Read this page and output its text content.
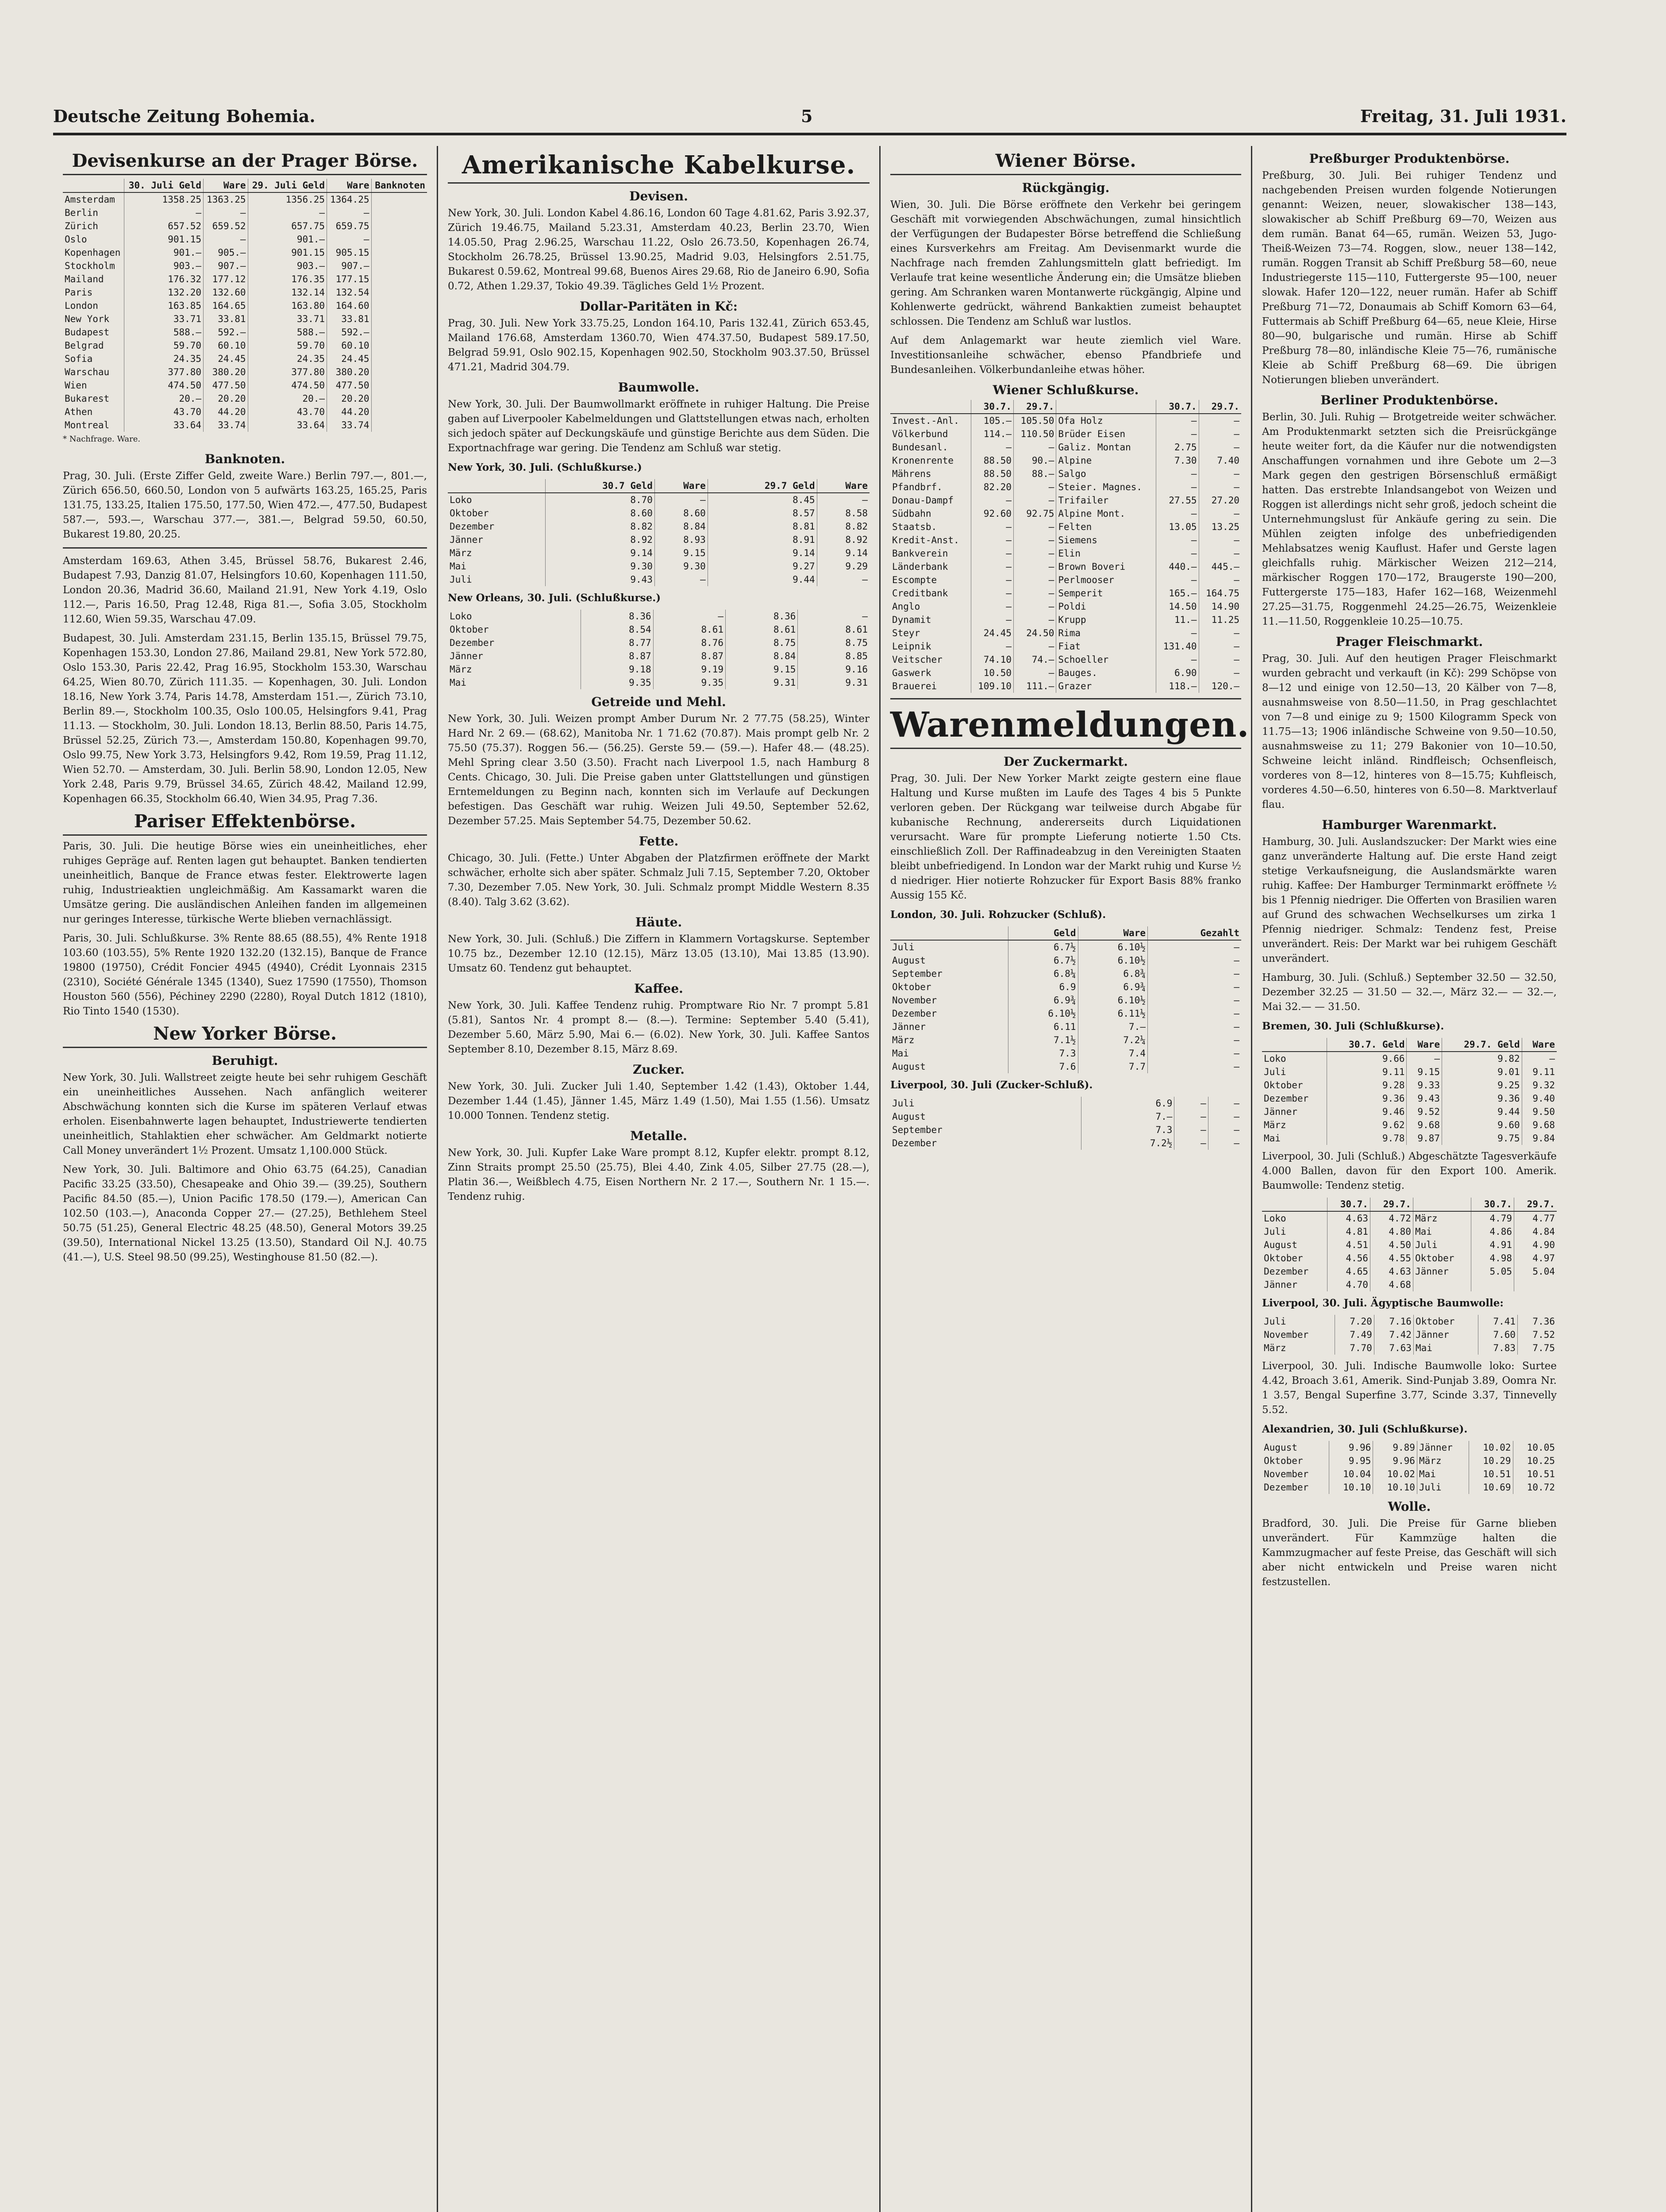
Deutsche Zeitung Bohemia.	5	Freitag, 31. Juli 1931.
Devisenkurse an der Prager Börse.
	30. Juli Geld	Ware	29. Juli Geld	Ware	Banknoten
Amsterdam	1358.25	1363.25	1356.25	1364.25	
Berlin	—	—	—	—	
Zürich	657.52	659.52	657.75	659.75	
Oslo	901.15	—	901.—	—	
Kopenhagen	901.—	905.—	901.15	905.15	
Stockholm	903.—	907.—	903.—	907.—	
Mailand	176.32	177.12	176.35	177.15	
Paris	132.20	132.60	132.14	132.54	
London	163.85	164.65	163.80	164.60	
New York	33.71	33.81	33.71	33.81	
Budapest	588.—	592.—	588.—	592.—	
Belgrad	59.70	60.10	59.70	60.10	
Sofia	24.35	24.45	24.35	24.45	
Warschau	377.80	380.20	377.80	380.20	
Wien	474.50	477.50	474.50	477.50	
Bukarest	20.—	20.20	20.—	20.20	
Athen	43.70	44.20	43.70	44.20	
Montreal	33.64	33.74	33.64	33.74	

* Nachfrage. Ware.

Banknoten.

Prag, 30. Juli. (Erste Ziffer Geld, zweite Ware.) Berlin 797.—, 801.—, Zürich 656.50, 660.50, London von 5 aufwärts 163.25, 165.25, Paris 131.75, 133.25, Italien 175.50, 177.50, Wien 472.—, 477.50, Budapest 587.—, 593.—, Warschau 377.—, 381.—, Belgrad 59.50, 60.50, Bukarest 19.80, 20.25.

Amsterdam 169.63, Athen 3.45, Brüssel 58.76, Bukarest 2.46, Budapest 7.93, Danzig 81.07, Helsingfors 10.60, Kopenhagen 111.50, London 20.36, Madrid 36.60, Mailand 21.91, New York 4.19, Oslo 112.—, Paris 16.50, Prag 12.48, Riga 81.—, Sofia 3.05, Stockholm 112.60, Wien 59.35, Warschau 47.09.

Budapest, 30. Juli. Amsterdam 231.15, Berlin 135.15, Brüssel 79.75, Kopenhagen 153.30, London 27.86, Mailand 29.81, New York 572.80, Oslo 153.30, Paris 22.42, Prag 16.95, Stockholm 153.30, Warschau 64.25, Wien 80.70, Zürich 111.35. — Kopenhagen, 30. Juli. London 18.16, New York 3.74, Paris 14.78, Amsterdam 151.—, Zürich 73.10, Berlin 89.—, Stockholm 100.35, Oslo 100.05, Helsingfors 9.41, Prag 11.13. — Stockholm, 30. Juli. London 18.13, Berlin 88.50, Paris 14.75, Brüssel 52.25, Zürich 73.—, Amsterdam 150.80, Kopenhagen 99.70, Oslo 99.75, New York 3.73, Helsingfors 9.42, Rom 19.59, Prag 11.12, Wien 52.70. — Amsterdam, 30. Juli. Berlin 58.90, London 12.05, New York 2.48, Paris 9.79, Brüssel 34.65, Zürich 48.42, Mailand 12.99, Kopenhagen 66.35, Stockholm 66.40, Wien 34.95, Prag 7.36.

Pariser Effektenbörse.

Paris, 30. Juli. Die heutige Börse wies ein uneinheitliches, eher ruhiges Gepräge auf. Renten lagen gut behauptet. Banken tendierten uneinheitlich, Banque de France etwas fester. Elektrowerte lagen ruhig, Industrieaktien ungleichmäßig. Am Kassamarkt waren die Umsätze gering. Die ausländischen Anleihen fanden im allgemeinen nur geringes Interesse, türkische Werte blieben vernachlässigt.

Paris, 30. Juli. Schlußkurse. 3% Rente 88.65 (88.55), 4% Rente 1918 103.60 (103.55), 5% Rente 1920 132.20 (132.15), Banque de France 19800 (19750), Crédit Foncier 4945 (4940), Crédit Lyonnais 2315 (2310), Société Générale 1345 (1340), Suez 17590 (17550), Thomson Houston 560 (556), Péchiney 2290 (2280), Royal Dutch 1812 (1810), Rio Tinto 1540 (1530).

New Yorker Börse.
Beruhigt.

New York, 30. Juli. Wallstreet zeigte heute bei sehr ruhigem Geschäft ein uneinheitliches Aussehen. Nach anfänglich weiterer Abschwächung konnten sich die Kurse im späteren Verlauf etwas erholen. Eisenbahnwerte lagen behauptet, Industriewerte tendierten uneinheitlich, Stahlaktien eher schwächer. Am Geldmarkt notierte Call Money unverändert 1½ Prozent. Umsatz 1,100.000 Stück.

New York, 30. Juli. Baltimore and Ohio 63.75 (64.25), Canadian Pacific 33.25 (33.50), Chesapeake and Ohio 39.— (39.25), Southern Pacific 84.50 (85.—), Union Pacific 178.50 (179.—), American Can 102.50 (103.—), Anaconda Copper 27.— (27.25), Bethlehem Steel 50.75 (51.25), General Electric 48.25 (48.50), General Motors 39.25 (39.50), International Nickel 13.25 (13.50), Standard Oil N.J. 40.75 (41.—), U.S. Steel 98.50 (99.25), Westinghouse 81.50 (82.—).

Amerikanische Kabelkurse.
Devisen.

New York, 30. Juli. London Kabel 4.86.16, London 60 Tage 4.81.62, Paris 3.92.37, Zürich 19.46.75, Mailand 5.23.31, Amsterdam 40.23, Berlin 23.70, Wien 14.05.50, Prag 2.96.25, Warschau 11.22, Oslo 26.73.50, Kopenhagen 26.74, Stockholm 26.78.25, Brüssel 13.90.25, Madrid 9.03, Helsingfors 2.51.75, Bukarest 0.59.62, Montreal 99.68, Buenos Aires 29.68, Rio de Janeiro 6.90, Sofia 0.72, Athen 1.29.37, Tokio 49.39. Tägliches Geld 1½ Prozent.

Dollar-Paritäten in Kč:

Prag, 30. Juli. New York 33.75.25, London 164.10, Paris 132.41, Zürich 653.45, Mailand 176.68, Amsterdam 1360.70, Wien 474.37.50, Budapest 589.17.50, Belgrad 59.91, Oslo 902.15, Kopenhagen 902.50, Stockholm 903.37.50, Brüssel 471.21, Madrid 304.79.

Baumwolle.

New York, 30. Juli. Der Baumwollmarkt eröffnete in ruhiger Haltung. Die Preise gaben auf Liverpooler Kabelmeldungen und Glattstellungen etwas nach, erholten sich jedoch später auf Deckungskäufe und günstige Berichte aus dem Süden. Die Exportnachfrage war gering. Die Tendenz am Schluß war stetig.

New York, 30. Juli. (Schlußkurse.)

	30.7 Geld	Ware	29.7 Geld	Ware
Loko	8.70	—	8.45	—
Oktober	8.60	8.60	8.57	8.58
Dezember	8.82	8.84	8.81	8.82
Jänner	8.92	8.93	8.91	8.92
März	9.14	9.15	9.14	9.14
Mai	9.30	9.30	9.27	9.29
Juli	9.43	—	9.44	—

New Orleans, 30. Juli. (Schlußkurse.)

Loko	8.36	—	8.36	—
Oktober	8.54	8.61	8.61	8.61
Dezember	8.77	8.76	8.75	8.75
Jänner	8.87	8.87	8.84	8.85
März	9.18	9.19	9.15	9.16
Mai	9.35	9.35	9.31	9.31
Getreide und Mehl.

New York, 30. Juli. Weizen prompt Amber Durum Nr. 2 77.75 (58.25), Winter Hard Nr. 2 69.— (68.62), Manitoba Nr. 1 71.62 (70.87). Mais prompt gelb Nr. 2 75.50 (75.37). Roggen 56.— (56.25). Gerste 59.— (59.—). Hafer 48.— (48.25). Mehl Spring clear 3.50 (3.50). Fracht nach Liverpool 1.5, nach Hamburg 8 Cents. Chicago, 30. Juli. Die Preise gaben unter Glattstellungen und günstigen Erntemeldungen zu Beginn nach, konnten sich im Verlaufe auf Deckungen befestigen. Das Geschäft war ruhig. Weizen Juli 49.50, September 52.62, Dezember 57.25. Mais September 54.75, Dezember 50.62.

Fette.

Chicago, 30. Juli. (Fette.) Unter Abgaben der Platzfirmen eröffnete der Markt schwächer, erholte sich aber später. Schmalz Juli 7.15, September 7.20, Oktober 7.30, Dezember 7.05. New York, 30. Juli. Schmalz prompt Middle Western 8.35 (8.40). Talg 3.62 (3.62).

Häute.

New York, 30. Juli. (Schluß.) Die Ziffern in Klammern Vortagskurse. September 10.75 bz., Dezember 12.10 (12.15), März 13.05 (13.10), Mai 13.85 (13.90). Umsatz 60. Tendenz gut behauptet.

Kaffee.

New York, 30. Juli. Kaffee Tendenz ruhig. Promptware Rio Nr. 7 prompt 5.81 (5.81), Santos Nr. 4 prompt 8.— (8.—). Termine: September 5.40 (5.41), Dezember 5.60, März 5.90, Mai 6.— (6.02). New York, 30. Juli. Kaffee Santos September 8.10, Dezember 8.15, März 8.69.

Zucker.

New York, 30. Juli. Zucker Juli 1.40, September 1.42 (1.43), Oktober 1.44, Dezember 1.44 (1.45), Jänner 1.45, März 1.49 (1.50), Mai 1.55 (1.56). Umsatz 10.000 Tonnen. Tendenz stetig.

Metalle.

New York, 30. Juli. Kupfer Lake Ware prompt 8.12, Kupfer elektr. prompt 8.12, Zinn Straits prompt 25.50 (25.75), Blei 4.40, Zink 4.05, Silber 27.75 (28.—), Platin 36.—, Weißblech 4.75, Eisen Northern Nr. 2 17.—, Southern Nr. 1 15.—. Tendenz ruhig.

Wiener Börse.
Rückgängig.

Wien, 30. Juli. Die Börse eröffnete den Verkehr bei geringem Geschäft mit vorwiegenden Abschwächungen, zumal hinsichtlich der Verfügungen der Budapester Börse betreffend die Schließung eines Kursverkehrs am Freitag. Am Devisenmarkt wurde die Nachfrage nach fremden Zahlungsmitteln glatt befriedigt. Im Verlaufe trat keine wesentliche Änderung ein; die Umsätze blieben gering. Am Schranken waren Montanwerte rückgängig, Alpine und Kohlenwerte gedrückt, während Bankaktien zumeist behauptet schlossen. Die Tendenz am Schluß war lustlos.

Auf dem Anlagemarkt war heute ziemlich viel Ware. Investitionsanleihe schwächer, ebenso Pfandbriefe und Bundesanleihen. Völkerbundanleihe etwas höher.

Wiener Schlußkurse.
	30.7.	29.7.		30.7.	29.7.
Invest.-Anl.	105.—	105.50	Ofa Holz	—	—
Völkerbund	114.—	110.50	Brüder Eisen	—	—
Bundesanl.	—	—	Galiz. Montan	2.75	—
Kronenrente	88.50	90.—	Alpine	7.30	7.40
Mährens	88.50	88.—	Salgo	—	—
Pfandbrf.	82.20	—	Steier. Magnes.	—	—
Donau-Dampf	—	—	Trifailer	27.55	27.20
Südbahn	92.60	92.75	Alpine Mont.	—	—
Staatsb.	—	—	Felten	13.05	13.25
Kredit-Anst.	—	—	Siemens	—	—
Bankverein	—	—	Elin	—	—
Länderbank	—	—	Brown Boveri	440.—	445.—
Escompte	—	—	Perlmooser	—	—
Creditbank	—	—	Semperit	165.—	164.75
Anglo	—	—	Poldi	14.50	14.90
Dynamit	—	—	Krupp	11.—	11.25
Steyr	24.45	24.50	Rima	—	—
Leipnik	—	—	Fiat	131.40	—
Veitscher	74.10	74.—	Schoeller	—	—
Gaswerk	10.50	—	Bauges.	6.90	—
Brauerei	109.10	111.—	Grazer	118.—	120.—
Warenmeldungen.
Der Zuckermarkt.

Prag, 30. Juli. Der New Yorker Markt zeigte gestern eine flaue Haltung und Kurse mußten im Laufe des Tages 4 bis 5 Punkte verloren geben. Der Rückgang war teilweise durch Abgabe für kubanische Rechnung, andererseits durch Liquidationen verursacht. Ware für prompte Lieferung notierte 1.50 Cts. einschließlich Zoll. Der Raffinadeabzug in den Vereinigten Staaten bleibt unbefriedigend. In London war der Markt ruhig und Kurse ½ d niedriger. Hier notierte Rohzucker für Export Basis 88% franko Aussig 155 Kč.

London, 30. Juli. Rohzucker (Schluß).

	Geld	Ware	Gezahlt
Juli	6.7½	6.10½	—
August	6.7½	6.10½	—
September	6.8¼	6.8¾	—
Oktober	6.9	6.9¾	—
November	6.9¾	6.10½	—
Dezember	6.10½	6.11½	—
Jänner	6.11	7.—	—
März	7.1½	7.2¼	—
Mai	7.3	7.4	—
August	7.6	7.7	—

Liverpool, 30. Juli (Zucker-Schluß).

Juli	6.9	—	—
August	7.—	—	—
September	7.3	—	—
Dezember	7.2½	—	—
Preßburger Produktenbörse.

Preßburg, 30. Juli. Bei ruhiger Tendenz und nachgebenden Preisen wurden folgende Notierungen genannt: Weizen, neuer, slowakischer 138—143, slowakischer ab Schiff Preßburg 69—70, Weizen aus dem rumän. Banat 64—65, rumän. Weizen 53, Jugo-Theiß-Weizen 73—74. Roggen, slow., neuer 138—142, rumän. Roggen Transit ab Schiff Preßburg 58—60, neue Industriegerste 115—110, Futtergerste 95—100, neuer slowak. Hafer 120—122, neuer rumän. Hafer ab Schiff Preßburg 71—72, Donaumais ab Schiff Komorn 63—64, Futtermais ab Schiff Preßburg 64—65, neue Kleie, Hirse 80—90, bulgarische und rumän. Hirse ab Schiff Preßburg 78—80, inländische Kleie 75—76, rumänische Kleie ab Schiff Preßburg 68—69. Die übrigen Notierungen blieben unverändert.

Berliner Produktenbörse.

Berlin, 30. Juli. Ruhig — Brotgetreide weiter schwächer. Am Produktenmarkt setzten sich die Preisrückgänge heute weiter fort, da die Käufer nur die notwendigsten Anschaffungen vornahmen und ihre Gebote um 2—3 Mark gegen den gestrigen Börsenschluß ermäßigt hatten. Das erstrebte Inlandsangebot von Weizen und Roggen ist allerdings nicht sehr groß, jedoch scheint die Unternehmungslust für Ankäufe gering zu sein. Die Mühlen zeigten infolge des unbefriedigenden Mehlabsatzes wenig Kauflust. Hafer und Gerste lagen gleichfalls ruhig. Märkischer Weizen 212—214, märkischer Roggen 170—172, Braugerste 190—200, Futtergerste 175—183, Hafer 162—168, Weizenmehl 27.25—31.75, Roggenmehl 24.25—26.75, Weizenkleie 11.—11.50, Roggenkleie 10.25—10.75.

Prager Fleischmarkt.

Prag, 30. Juli. Auf den heutigen Prager Fleischmarkt wurden gebracht und verkauft (in Kč): 299 Schöpse von 8—12 und einige von 12.50—13, 20 Kälber von 7—8, ausnahmsweise von 8.50—11.50, in Prag geschlachtet von 7—8 und einige zu 9; 1500 Kilogramm Speck von 11.75—13; 1906 inländische Schweine von 9.50—10.50, ausnahmsweise zu 11; 279 Bakonier von 10—10.50, Schweine leicht inländ. Rindfleisch; Ochsenfleisch, vorderes von 8—12, hinteres von 8—15.75; Kuhfleisch, vorderes 4.50—6.50, hinteres von 6.50—8. Marktverlauf flau.

Hamburger Warenmarkt.

Hamburg, 30. Juli. Auslandszucker: Der Markt wies eine ganz unveränderte Haltung auf. Die erste Hand zeigt stetige Verkaufsneigung, die Auslandsmärkte waren ruhig. Kaffee: Der Hamburger Terminmarkt eröffnete ½ bis 1 Pfennig niedriger. Die Offerten von Brasilien waren auf Grund des schwachen Wechselkurses um zirka 1 Pfennig niedriger. Schmalz: Tendenz fest, Preise unverändert. Reis: Der Markt war bei ruhigem Geschäft unverändert.

Hamburg, 30. Juli. (Schluß.) September 32.50 — 32.50, Dezember 32.25 — 31.50 — 32.—, März 32.— — 32.—, Mai 32.— — 31.50.

Bremen, 30. Juli (Schlußkurse).

	30.7. Geld	Ware	29.7. Geld	Ware
Loko	9.66	—	9.82	—
Juli	9.11	9.15	9.01	9.11
Oktober	9.28	9.33	9.25	9.32
Dezember	9.36	9.43	9.36	9.40
Jänner	9.46	9.52	9.44	9.50
März	9.62	9.68	9.60	9.68
Mai	9.78	9.87	9.75	9.84

Liverpool, 30. Juli (Schluß.) Abgeschätzte Tagesverkäufe 4.000 Ballen, davon für den Export 100. Amerik. Baumwolle: Tendenz stetig.

	30.7.	29.7.		30.7.	29.7.
Loko	4.63	4.72	März	4.79	4.77
Juli	4.81	4.80	Mai	4.86	4.84
August	4.51	4.50	Juli	4.91	4.90
Oktober	4.56	4.55	Oktober	4.98	4.97
Dezember	4.65	4.63	Jänner	5.05	5.04
Jänner	4.70	4.68			

Liverpool, 30. Juli. Ägyptische Baumwolle:

Juli	7.20	7.16	Oktober	7.41	7.36
November	7.49	7.42	Jänner	7.60	7.52
März	7.70	7.63	Mai	7.83	7.75

Liverpool, 30. Juli. Indische Baumwolle loko: Surtee 4.42, Broach 3.61, Amerik. Sind-Punjab 3.89, Oomra Nr. 1 3.57, Bengal Superfine 3.77, Scinde 3.37, Tinnevelly 5.52.

Alexandrien, 30. Juli (Schlußkurse).

August	9.96	9.89	Jänner	10.02	10.05
Oktober	9.95	9.96	März	10.29	10.25
November	10.04	10.02	Mai	10.51	10.51
Dezember	10.10	10.10	Juli	10.69	10.72
Wolle.

Bradford, 30. Juli. Die Preise für Garne blieben unverändert. Für Kammzüge halten die Kammzugmacher auf feste Preise, das Geschäft will sich aber nicht entwickeln und Preise waren nicht festzustellen.
